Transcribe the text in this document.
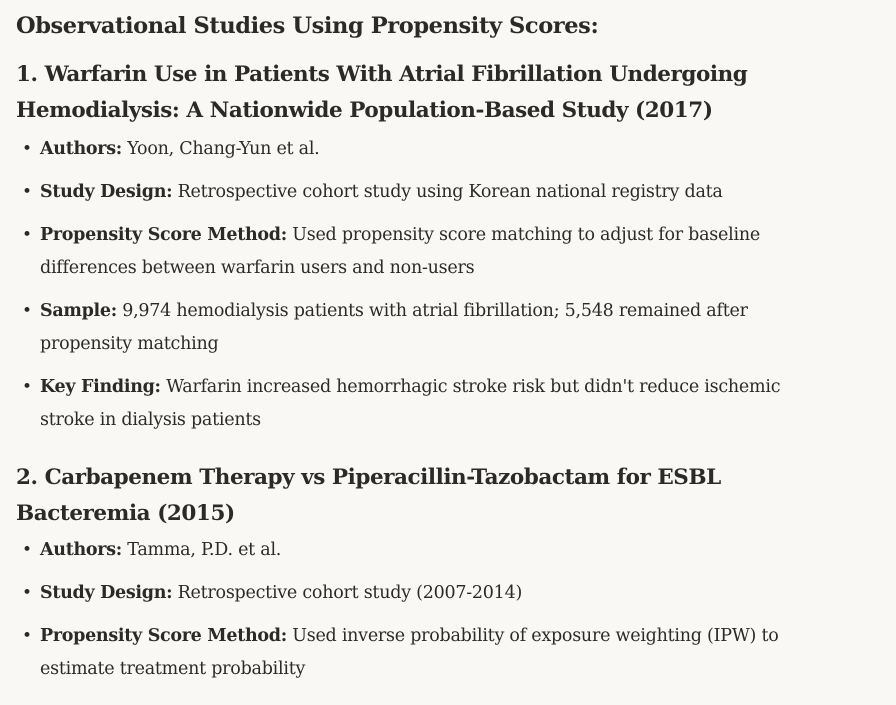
Observational Studies Using Propensity Scores:
1. Warfarin Use in Patients With Atrial Fibrillation Undergoing Hemodialysis: A Nationwide Population-Based Study (2017)
• Authors: Yoon, Chang-Yun et al.
• Study Design: Retrospective cohort study using Korean national registry data
• Propensity Score Method: Used propensity score matching to adjust for baseline differences between warfarin users and non-users
• Sample: 9,974 hemodialysis patients with atrial fibrillation; 5,548 remained after propensity matching
• Key Finding: Warfarin increased hemorrhagic stroke risk but didn't reduce ischemic stroke in dialysis patients
2. Carbapenem Therapy vs Piperacillin-Tazobactam for ESBL Bacteremia (2015)
• Authors: Tamma, P.D. et al.
• Study Design: Retrospective cohort study (2007-2014)
• Propensity Score Method: Used inverse probability of exposure weighting (IPW) to estimate treatment probability
